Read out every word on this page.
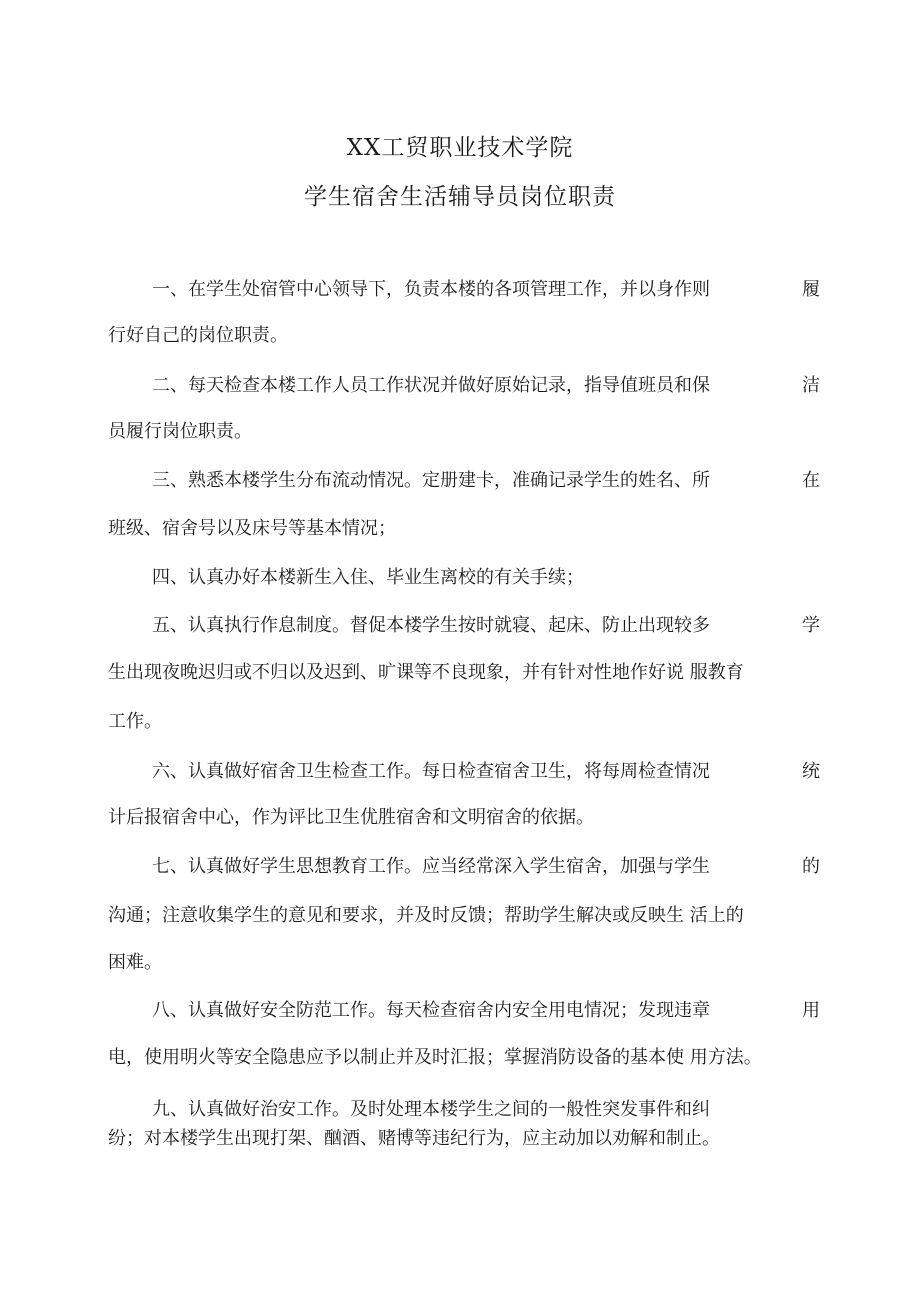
XX工贸职业技术学院
学生宿舍生活辅导员岗位职责
一、在学生处宿管中心领导下，负责本楼的各项管理工作，并以身作则	履
行好自己的岗位职责。
二、每天检查本楼工作人员工作状况并做好原始记录，指导值班员和保	洁
员履行岗位职责。
三、熟悉本楼学生分布流动情况。定册建卡，准确记录学生的姓名、所	在
班级、宿舍号以及床号等基本情况；
四、认真办好本楼新生入住、毕业生离校的有关手续；
五、认真执行作息制度。督促本楼学生按时就寝、起床、防止出现较多	学
生出现夜晚迟归或不归以及迟到、旷课等不良现象，并有针对性地作好说 服教育
工作。
六、认真做好宿舍卫生检查工作。每日检查宿舍卫生，将每周检查情况	统
计后报宿舍中心，作为评比卫生优胜宿舍和文明宿舍的依据。
七、认真做好学生思想教育工作。应当经常深入学生宿舍，加强与学生	的
沟通；注意收集学生的意见和要求，并及时反馈；帮助学生解决或反映生 活上的
困难。
八、认真做好安全防范工作。每天检查宿舍内安全用电情况；发现违章	用
电，使用明火等安全隐患应予以制止并及时汇报；掌握消防设备的基本使 用方法。
九、认真做好治安工作。及时处理本楼学生之间的一般性突发事件和纠
纷；对本楼学生出现打架、酗酒、赌博等违纪行为，应主动加以劝解和制止。
